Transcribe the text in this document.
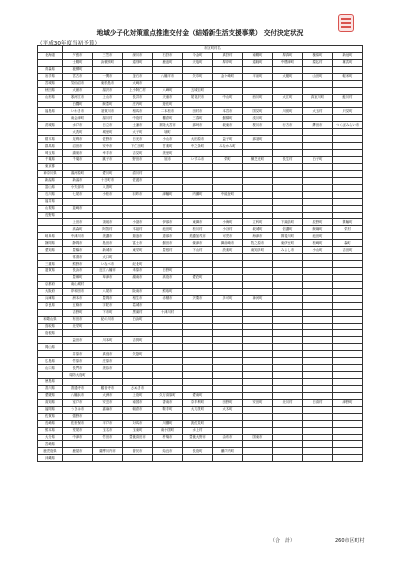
地域少子化対策重点推進交付金（結婚新生活支援事業） 交付決定状況
（平成30年度当初予算）
	市区町村名									
北海道	夕張市	三笠市	深川市	石狩市	今金町	真狩村	南幌町	厚真町	様似町	新冠町
	士幌町	浜頓別町	遠別町	鹿追町	天塩町	厚岸町	遠軽町	中標津町	猿払村	雄武町
青森県	板柳町									
岩手県	宮古市	一関市	釜石市	八幡平市	矢巾町	金ケ崎町	平泉町	大槌町	山田町	軽米町
宮城県	気仙沼市	東松島市	大崎市							
秋田県	大館市	湯沢市	上小阿仁村	八峰町	五城目町					
山形県	寒河江市	上山市	長井市	天童市	尾花沢市	中山町	西川町	大江町	真室川町	鮭川村
	白鷹町	飯豊町	庄内町	遊佐町						
福島県	いわき市	須賀川市	相馬市	二本松市	田村市	本宮市	国見町	川俣町	大玉村	只見町
	南会津町	湯川村	中島村	棚倉町	三春町	磐梯町	浅川町			
茨城県	水戸市	日立市	土浦市	常陸大宮市	那珂市	坂東市	桜川市	行方市	鉾田市	つくばみらい市
	大洗町	城里町	大子町	境町						
栃木県	足利市	佐野市	日光市	小山市	大田原市	益子町	那須町			
群馬県	沼田市	安中市	下仁田町	甘楽町	中之条町	みなかみ町				
埼玉県	鴻巣市	幸手市	吉見町	美里町						
千葉県	千葉市	銚子市	野田市	旭市	いすみ市	栄町	横芝光町	長生村	白子町	
東京都										
神奈川県	湯河原町	愛川町	清川村							
新潟県	新潟市	十日町市	佐渡市							
富山県	小矢部市	入善町								
石川県	七尾市	小松市	羽咋市	津幡町	内灘町	中能登町				
福井県										
山梨県	韮崎市									
長野県										
	上田市	須坂市	小諸市	伊那市	東御市	小海町	立科町	下諏訪町	辰野町	箕輪町
	高森町	阿智村	木祖村	池田町	松川村	小谷村	坂城町	信濃町	飯綱町	栄村
岐阜県	中津川市	美濃市	瑞浪市	恵那市	美濃加茂市	可児市	海津市	揖斐川町	池田町	
静岡県	静岡市	島田市	富士市	磐田市	焼津市	御前崎市	牧之原市	東伊豆町	松崎町	森町
愛知県	豊橋市	新城市	東栄町	豊根村	下山村	設楽町	南知多町	みよし市	小山町	吉田町
	常滑市	大口町								
三重県	熊野市	いなべ市	紀北町							
滋賀県	長浜市	近江八幡市	米原市	日野町						
	豊郷町	草津市	湖南市	高島市	愛荘町					
京都府	南山城村									
大阪府	岸和田市	八尾市	阪南市	熊取町						
兵庫県	洲本市	豊岡市	相生市	赤穂市	宍粟市	多可町	神河町			
奈良県	五條市	宇陀市	葛城市							
	吉野町	下市町	黒滝村	十津川村						
和歌山県	有田市	紀の川市	白浜町							
鳥取県	北栄町									
島根県										
	益田市	川本町	吉賀町							
岡山県										
	井原市	真庭市	矢掛町							
広島県	竹原市	庄原市								
山口県	長門市	美祢市								
	周防大島町									
徳島県										
香川県	善通寺市	観音寺市	さぬき市							
愛媛県	八幡浜市	大洲市	上島町	久万高原町	愛南町					
高知県	室戸市	安芸市	南国市	香南市	奈半利町	田野町	安田町	北川村	日高村	津野町
福岡県	うきは市	嘉麻市	朝倉市	鞍手町	大刀洗町	大木町				
佐賀県	嬉野市									
長崎県	佐世保市	平戸市	対馬市	川棚町	波佐見町					
熊本県	荒尾市	玉名市	玉東町	南小国町	水上村					
大分県	中津市	竹田市	豊後高田市	杵築市	豊後大野市	由布市	国東市			
宮崎県										
鹿児島県	鹿屋市	薩摩川内市	曽於市	姶良市	長島町	瀬戸内町				
沖縄県										
（合　計）	260市区町村
